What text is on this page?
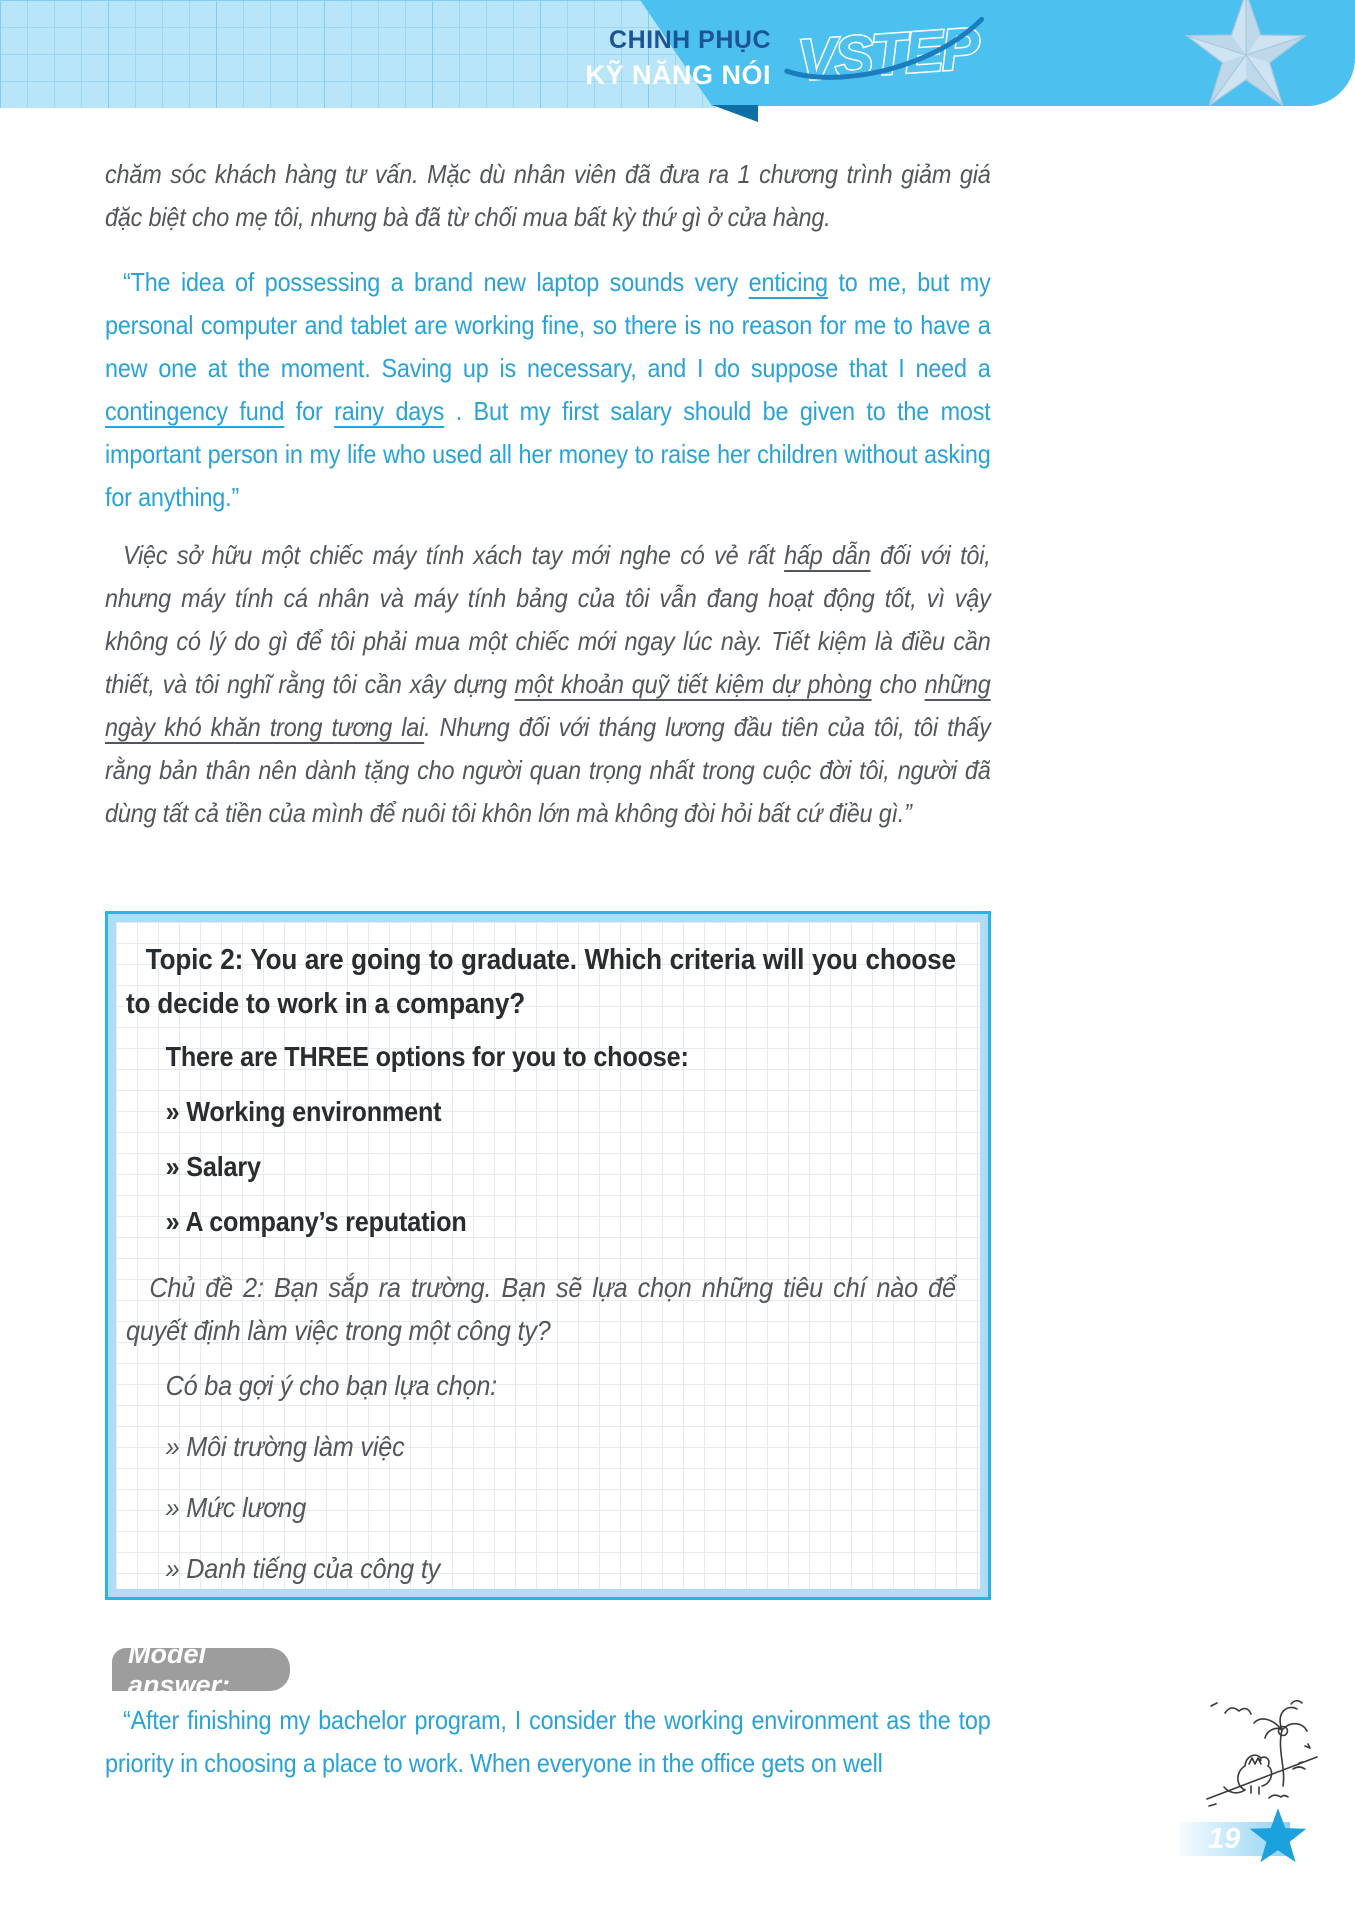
CHINH PHỤC
KỸ NĂNG NÓI VSTEP

chăm sóc khách hàng tư vấn. Mặc dù nhân viên đã đưa ra 1 chương trình giảm giá đặc biệt cho mẹ tôi, nhưng bà đã từ chối mua bất kỳ thứ gì ở cửa hàng.

“The idea of possessing a brand new laptop sounds very enticing to me, but my personal computer and tablet are working fine, so there is no reason for me to have a new one at the moment. Saving up is necessary, and I do suppose that I need a contingency fund for rainy days . But my first salary should be given to the most important person in my life who used all her money to raise her children without asking for anything.”

Việc sở hữu một chiếc máy tính xách tay mới nghe có vẻ rất hấp dẫn đối với tôi, nhưng máy tính cá nhân và máy tính bảng của tôi vẫn đang hoạt động tốt, vì vậy không có lý do gì để tôi phải mua một chiếc mới ngay lúc này. Tiết kiệm là điều cần thiết, và tôi nghĩ rằng tôi cần xây dựng một khoản quỹ tiết kiệm dự phòng cho những ngày khó khăn trong tương lai. Nhưng đối với tháng lương đầu tiên của tôi, tôi thấy rằng bản thân nên dành tặng cho người quan trọng nhất trong cuộc đời tôi, người đã dùng tất cả tiền của mình để nuôi tôi khôn lớn mà không đòi hỏi bất cứ điều gì.”

Topic 2: You are going to graduate. Which criteria will you choose to decide to work in a company?

There are THREE options for you to choose:

» Working environment

» Salary

» A company’s reputation

Chủ đề 2: Bạn sắp ra trường. Bạn sẽ lựa chọn những tiêu chí nào để quyết định làm việc trong một công ty?

Có ba gợi ý cho bạn lựa chọn:

» Môi trường làm việc

» Mức lương

» Danh tiếng của công ty

Model answer:

“After finishing my bachelor program, I consider the working environment as the top priority in choosing a place to work. When everyone in the office gets on well

19
